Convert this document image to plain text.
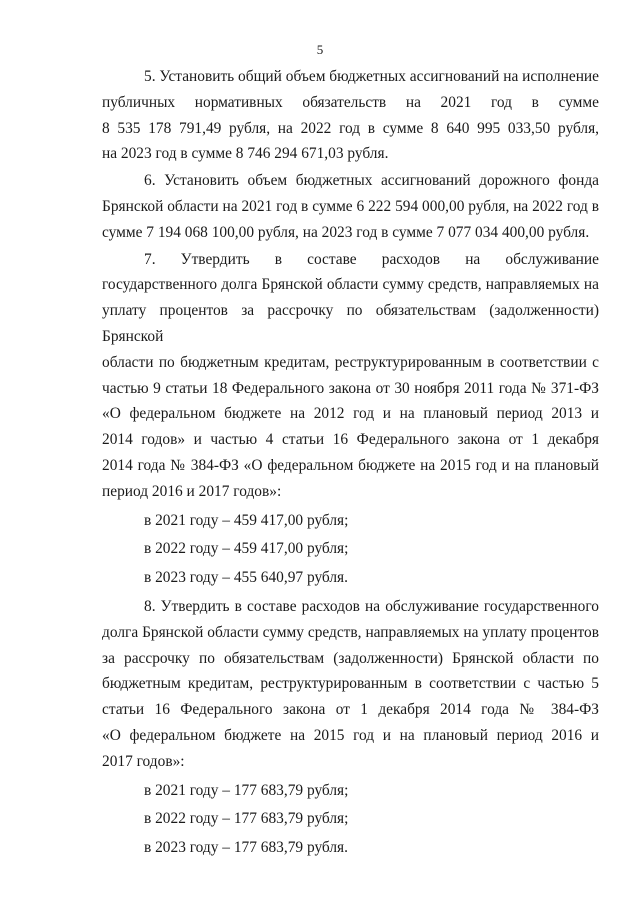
5

5. Установить общий объем бюджетных ассигнований на исполнение

публичных нормативных обязательств на 2021 год в сумме

8 535 178 791,49 рубля, на 2022 год в сумме 8 640 995 033,50 рубля,

на 2023 год в сумме 8 746 294 671,03 рубля.

6. Установить объем бюджетных ассигнований дорожного фонда

Брянской области на 2021 год в сумме 6 222 594 000,00 рубля, на 2022 год в

сумме 7 194 068 100,00 рубля, на 2023 год в сумме 7 077 034 400,00 рубля.

7. Утвердить в составе расходов на обслуживание

государственного долга Брянской области сумму средств, направляемых на

уплату процентов за рассрочку по обязательствам (задолженности) Брянской

области по бюджетным кредитам, реструктурированным в соответствии с

частью 9 статьи 18 Федерального закона от 30 ноября 2011 года № 371-ФЗ

«О федеральном бюджете на 2012 год и на плановый период 2013 и

2014 годов» и частью 4 статьи 16 Федерального закона от 1 декабря

2014 года № 384-ФЗ «О федеральном бюджете на 2015 год и на плановый

период 2016 и 2017 годов»:

в 2021 году – 459 417,00 рубля;

в 2022 году – 459 417,00 рубля;

в 2023 году – 455 640,97 рубля.

8. Утвердить в составе расходов на обслуживание государственного

долга Брянской области сумму средств, направляемых на уплату процентов

за рассрочку по обязательствам (задолженности) Брянской области по

бюджетным кредитам, реструктурированным в соответствии с частью 5

статьи 16 Федерального закона от 1 декабря 2014 года № 384-ФЗ

«О федеральном бюджете на 2015 год и на плановый период 2016 и

2017 годов»:

в 2021 году – 177 683,79 рубля;

в 2022 году – 177 683,79 рубля;

в 2023 году – 177 683,79 рубля.
